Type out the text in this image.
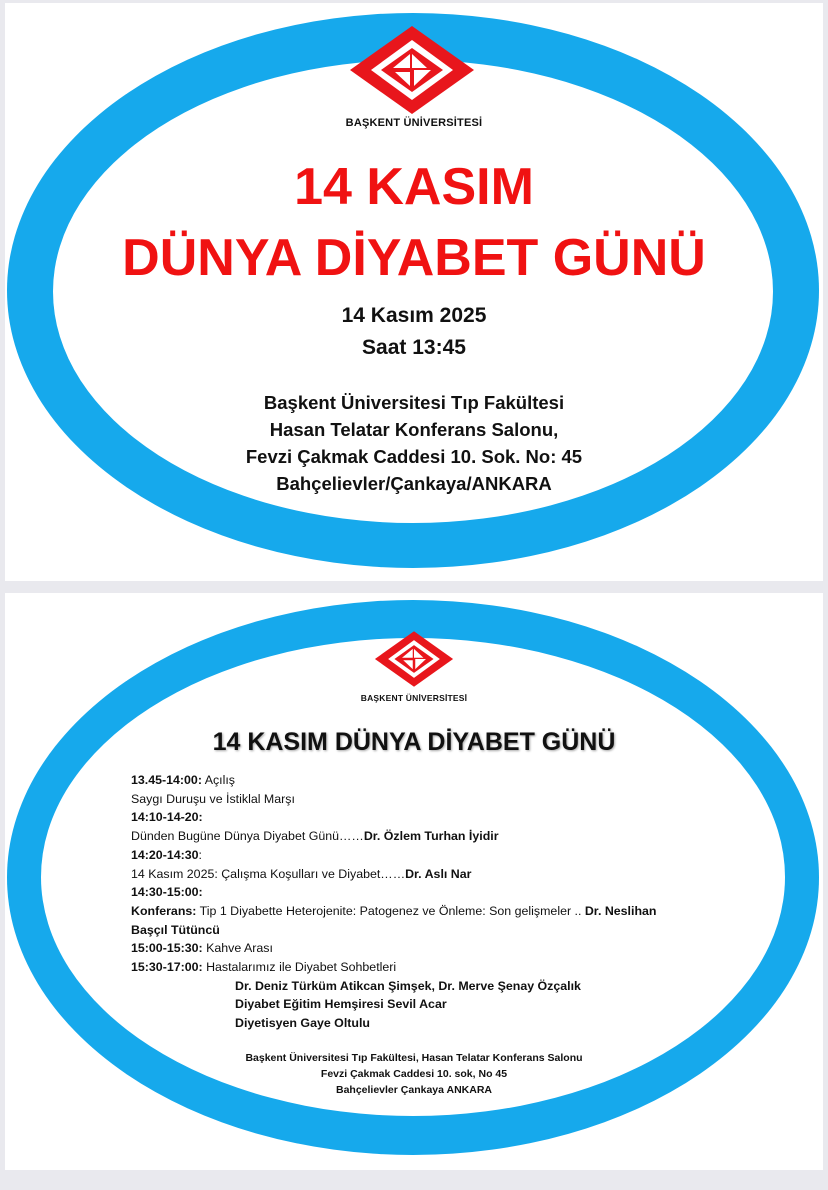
BAŞKENT ÜNİVERSİTESİ
14 KASIM
DÜNYA DİYABET GÜNÜ
14 Kasım 2025
Saat 13:45
Başkent Üniversitesi Tıp Fakültesi
Hasan Telatar Konferans Salonu,
Fevzi Çakmak Caddesi 10. Sok. No: 45
Bahçelievler/Çankaya/ANKARA
BAŞKENT ÜNİVERSİTESİ
14 KASIM DÜNYA DİYABET GÜNÜ
13.45-14:00: Açılış
Saygı Duruşu ve İstiklal Marşı
14:10-14-20:
Dünden Bugüne Dünya Diyabet Günü……Dr. Özlem Turhan İyidir
14:20-14:30:
14 Kasım 2025: Çalışma Koşulları ve Diyabet……Dr. Aslı Nar
14:30-15:00:
Konferans: Tip 1 Diyabette Heterojenite: Patogenez ve Önleme: Son gelişmeler .. Dr. Neslihan
Başçıl Tütüncü
15:00-15:30: Kahve Arası
15:30-17:00: Hastalarımız ile Diyabet Sohbetleri
Dr. Deniz Türküm Atikcan Şimşek, Dr. Merve Şenay Özçalık
Diyabet Eğitim Hemşiresi Sevil Acar
Diyetisyen Gaye Oltulu
Başkent Üniversitesi Tıp Fakültesi, Hasan Telatar Konferans Salonu
Fevzi Çakmak Caddesi 10. sok, No 45
Bahçelievler Çankaya ANKARA
